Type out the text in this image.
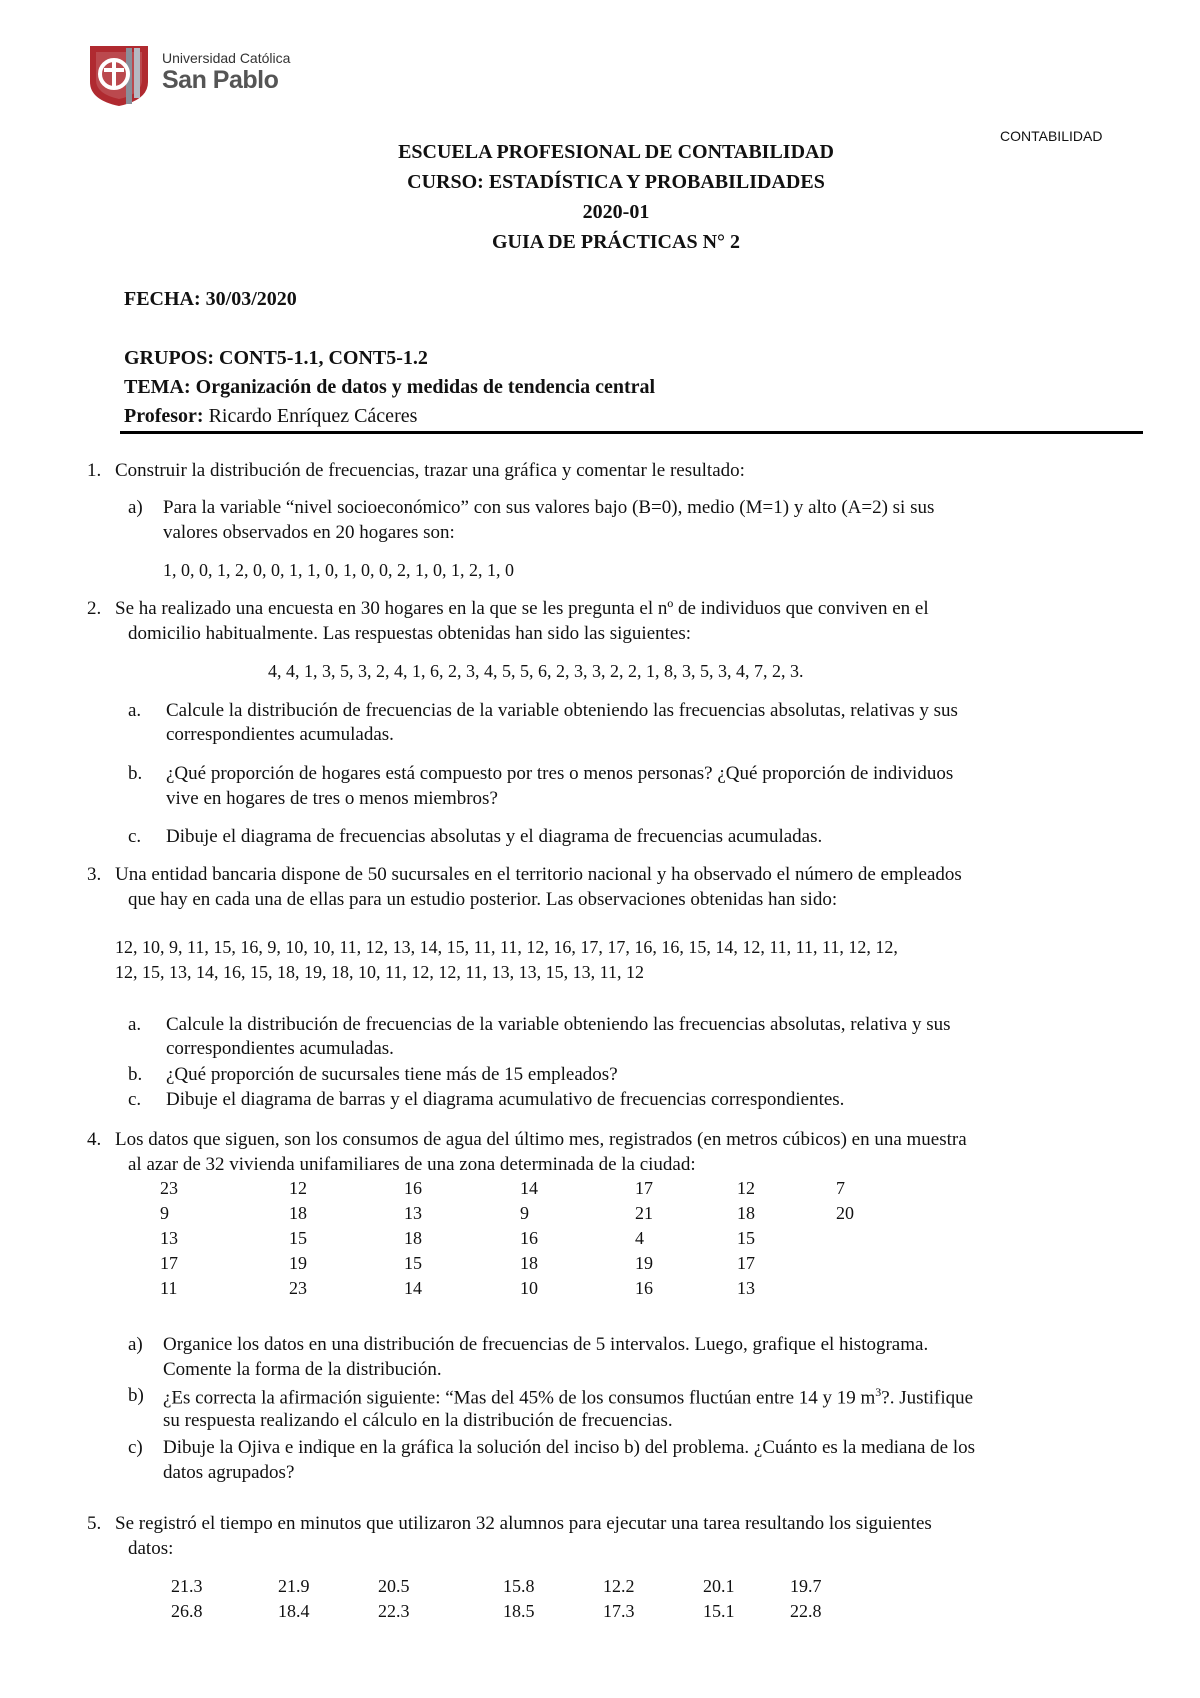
Universidad Católica
San Pablo
CONTABILIDAD
ESCUELA PROFESIONAL DE CONTABILIDAD
CURSO: ESTADÍSTICA Y PROBABILIDADES
2020-01
GUIA DE PRÁCTICAS N° 2
FECHA: 30/03/2020
GRUPOS: CONT5-1.1, CONT5-1.2
TEMA: Organización de datos y medidas de tendencia central
Profesor: Ricardo Enríquez Cáceres
1. Construir la distribución de frecuencias, trazar una gráfica y comentar le resultado:
a) Para la variable “nivel socioeconómico” con sus valores bajo (B=0), medio (M=1) y alto (A=2) si sus
valores observados en 20 hogares son:
1, 0, 0, 1, 2, 0, 0, 1, 1, 0, 1, 0, 0, 2, 1, 0, 1, 2, 1, 0
2. Se ha realizado una encuesta en 30 hogares en la que se les pregunta el nº de individuos que conviven en el
domicilio habitualmente. Las respuestas obtenidas han sido las siguientes:
4, 4, 1, 3, 5, 3, 2, 4, 1, 6, 2, 3, 4, 5, 5, 6, 2, 3, 3, 2, 2, 1, 8, 3, 5, 3, 4, 7, 2, 3.
a. Calcule la distribución de frecuencias de la variable obteniendo las frecuencias absolutas, relativas y sus
correspondientes acumuladas.
b. ¿Qué proporción de hogares está compuesto por tres o menos personas? ¿Qué proporción de individuos
vive en hogares de tres o menos miembros?
c. Dibuje el diagrama de frecuencias absolutas y el diagrama de frecuencias acumuladas.
3. Una entidad bancaria dispone de 50 sucursales en el territorio nacional y ha observado el número de empleados
que hay en cada una de ellas para un estudio posterior. Las observaciones obtenidas han sido:
12, 10, 9, 11, 15, 16, 9, 10, 10, 11, 12, 13, 14, 15, 11, 11, 12, 16, 17, 17, 16, 16, 15, 14, 12, 11, 11, 11, 12, 12,
12, 15, 13, 14, 16, 15, 18, 19, 18, 10, 11, 12, 12, 11, 13, 13, 15, 13, 11, 12
a. Calcule la distribución de frecuencias de la variable obteniendo las frecuencias absolutas, relativa y sus
correspondientes acumuladas.
b. ¿Qué proporción de sucursales tiene más de 15 empleados?
c. Dibuje el diagrama de barras y el diagrama acumulativo de frecuencias correspondientes.
4. Los datos que siguen, son los consumos de agua del último mes, registrados (en metros cúbicos) en una muestra
al azar de 32 vivienda unifamiliares de una zona determinada de la ciudad:
23	12	16	14	17	12	7
9	18	13	9	21	18	20
13	15	18	16	4	15
17	19	15	18	19	17
11	23	14	10	16	13
a) Organice los datos en una distribución de frecuencias de 5 intervalos. Luego, grafique el histograma.
Comente la forma de la distribución.
b) ¿Es correcta la afirmación siguiente: “Mas del 45% de los consumos fluctúan entre 14 y 19 $m^3$?. Justifique
su respuesta realizando el cálculo en la distribución de frecuencias.
c) Dibuje la Ojiva e indique en la gráfica la solución del inciso b) del problema. ¿Cuánto es la mediana de los
datos agrupados?
5. Se registró el tiempo en minutos que utilizaron 32 alumnos para ejecutar una tarea resultando los siguientes
datos:
21.3	21.9	20.5	15.8	12.2	20.1	19.7
26.8	18.4	22.3	18.5	17.3	15.1	22.8
